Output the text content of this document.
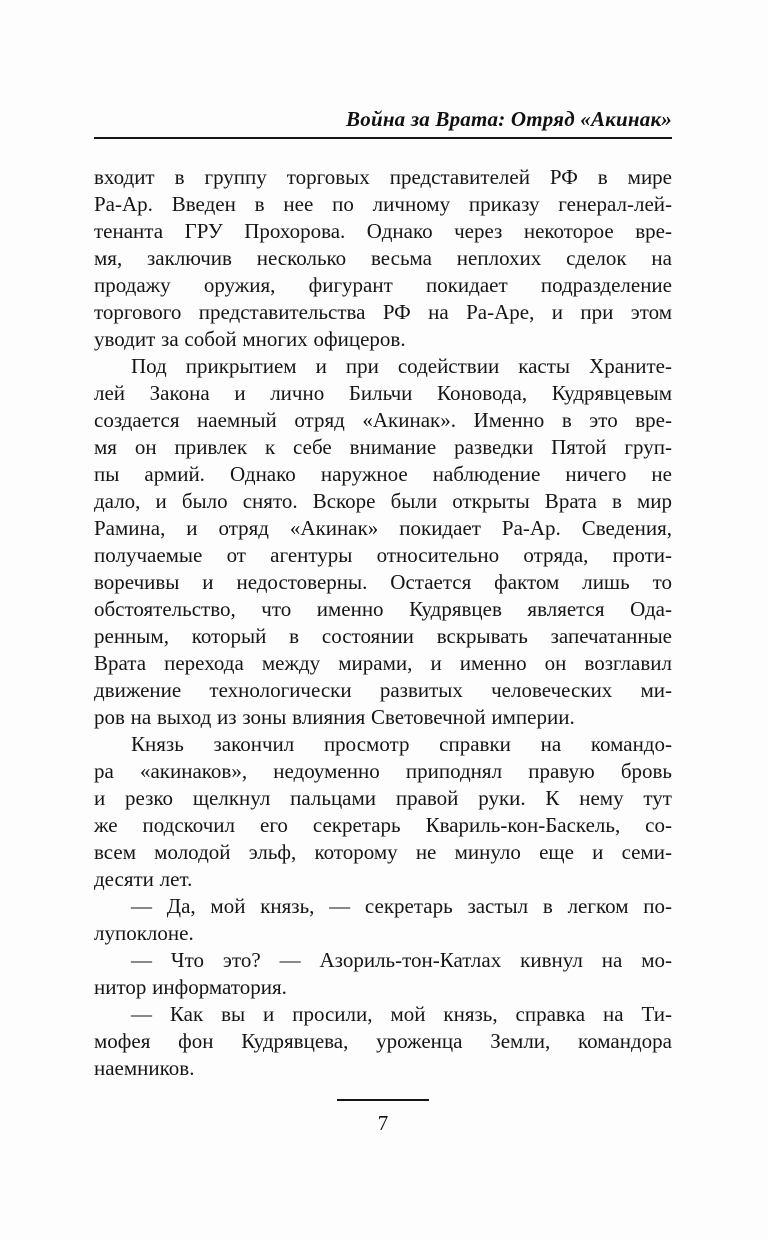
Война за Врата: Отряд «Акинак»
входит в группу торговых представителей РФ в мире
Ра-Ар. Введен в нее по личному приказу генерал-лей-
тенанта ГРУ Прохорова. Однако через некоторое вре-
мя, заключив несколько весьма неплохих сделок на
продажу оружия, фигурант покидает подразделение
торгового представительства РФ на Ра-Аре, и при этом
уводит за собой многих офицеров.
Под прикрытием и при содействии касты Храните-
лей Закона и лично Бильчи Коновода, Кудрявцевым
создается наемный отряд «Акинак». Именно в это вре-
мя он привлек к себе внимание разведки Пятой груп-
пы армий. Однако наружное наблюдение ничего не
дало, и было снято. Вскоре были открыты Врата в мир
Рамина, и отряд «Акинак» покидает Ра-Ар. Сведения,
получаемые от агентуры относительно отряда, проти-
воречивы и недостоверны. Остается фактом лишь то
обстоятельство, что именно Кудрявцев является Ода-
ренным, который в состоянии вскрывать запечатанные
Врата перехода между мирами, и именно он возглавил
движение технологически развитых человеческих ми-
ров на выход из зоны влияния Световечной империи.
Князь закончил просмотр справки на командо-
ра «акинаков», недоуменно приподнял правую бровь
и резко щелкнул пальцами правой руки. К нему тут
же подскочил его секретарь Квариль-кон-Баскель, со-
всем молодой эльф, которому не минуло еще и семи-
десяти лет.
— Да, мой князь, — секретарь застыл в легком по-
лупоклоне.
— Что это? — Азориль-тон-Катлах кивнул на мо-
нитор информатория.
— Как вы и просили, мой князь, справка на Ти-
мофея фон Кудрявцева, уроженца Земли, командора
наемников.
7
